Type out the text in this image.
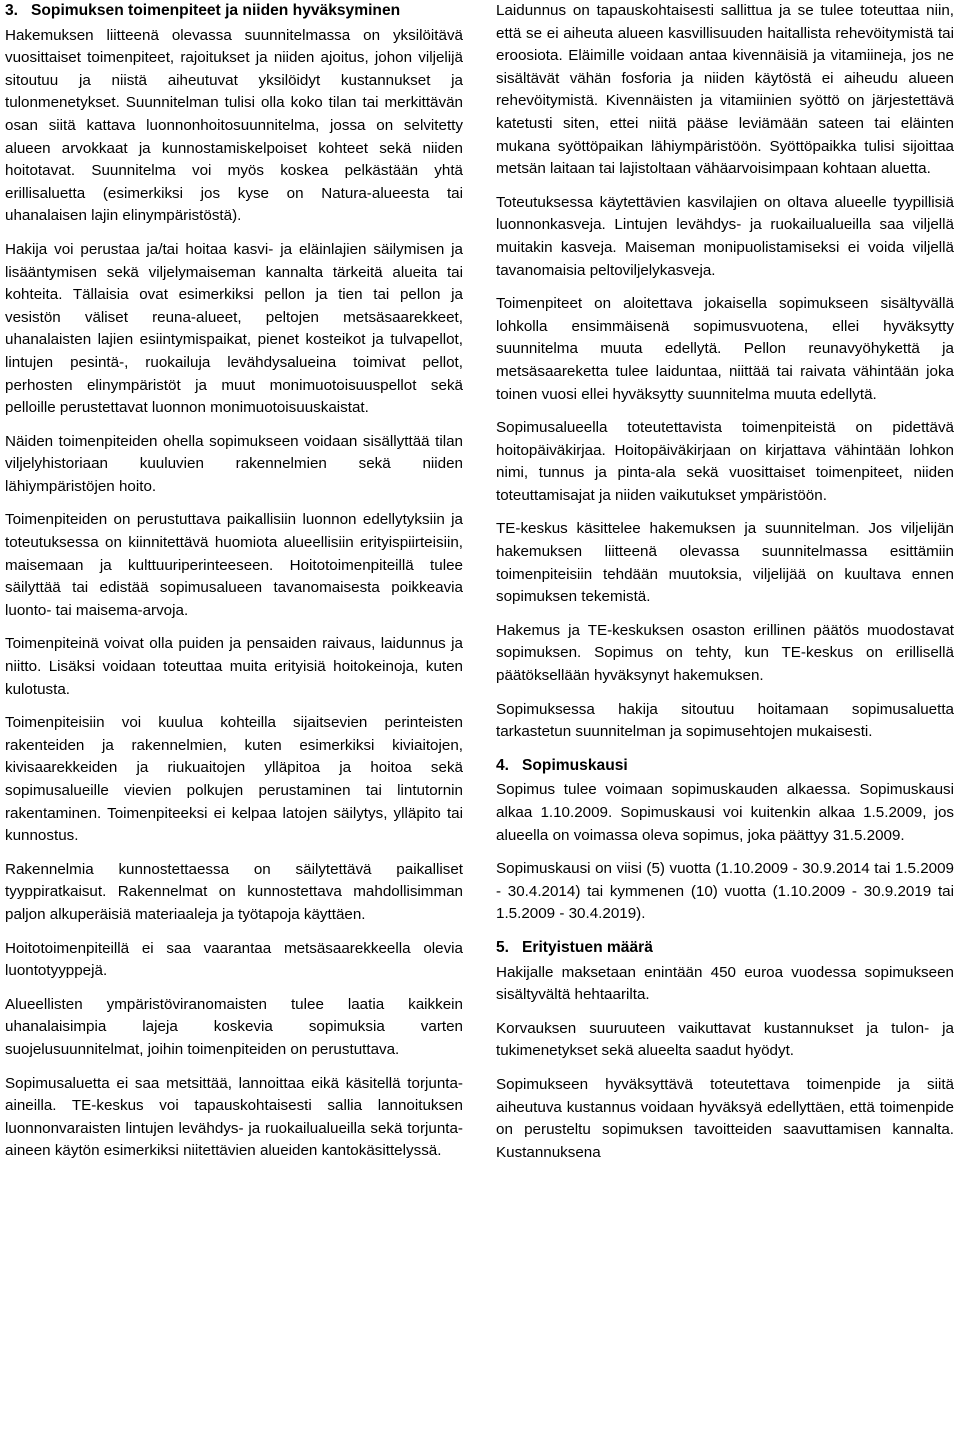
3. Sopimuksen toimenpiteet ja niiden hyväksyminen

Hakemuksen liitteenä olevassa suunnitelmassa on yksilöitävä vuosittaiset toimenpiteet, rajoitukset ja niiden ajoitus, johon viljelijä sitoutuu ja niistä aiheutuvat yksilöidyt kustannukset ja tulonmenetykset. Suunnitelman tulisi olla koko tilan tai merkittävän osan siitä kattava luonnonhoitosuunnitelma, jossa on selvitetty alueen arvokkaat ja kunnostamiskelpoiset kohteet sekä niiden hoitotavat. Suunnitelma voi myös koskea pelkästään yhtä erillisaluetta (esimerkiksi jos kyse on Natura-alueesta tai uhanalaisen lajin elinympäristöstä).

Hakija voi perustaa ja/tai hoitaa kasvi- ja eläinlajien säilymisen ja lisääntymisen sekä viljelymaiseman kannalta tärkeitä alueita tai kohteita. Tällaisia ovat esimerkiksi pellon ja tien tai pellon ja vesistön väliset reuna-alueet, peltojen metsäsaarekkeet, uhanalaisten lajien esiintymispaikat, pienet kosteikot ja tulvapellot, lintujen pesintä-, ruokailuja levähdysalueina toimivat pellot, perhosten elinympäristöt ja muut monimuotoisuuspellot sekä pelloille perustettavat luonnon monimuotoisuuskaistat.

Näiden toimenpiteiden ohella sopimukseen voidaan sisällyttää tilan viljelyhistoriaan kuuluvien rakennelmien sekä niiden lähiympäristöjen hoito.

Toimenpiteiden on perustuttava paikallisiin luonnon edellytyksiin ja toteutuksessa on kiinnitettävä huomiota alueellisiin erityispiirteisiin, maisemaan ja kulttuuriperinteeseen. Hoitotoimenpiteillä tulee säilyttää tai edistää sopimusalueen tavanomaisesta poikkeavia luonto- tai maisema-arvoja.

Toimenpiteinä voivat olla puiden ja pensaiden raivaus, laidunnus ja niitto. Lisäksi voidaan toteuttaa muita erityisiä hoitokeinoja, kuten kulotusta.

Toimenpiteisiin voi kuulua kohteilla sijaitsevien perinteisten rakenteiden ja rakennelmien, kuten esimerkiksi kiviaitojen, kivisaarekkeiden ja riukuaitojen ylläpitoa ja hoitoa sekä sopimusalueille vievien polkujen perustaminen tai lintutornin rakentaminen. Toimenpiteeksi ei kelpaa latojen säilytys, ylläpito tai kunnostus.

Rakennelmia kunnostettaessa on säilytettävä paikalliset tyyppiratkaisut. Rakennelmat on kunnostettava mahdollisimman paljon alkuperäisiä materiaaleja ja työtapoja käyttäen.

Hoitotoimenpiteillä ei saa vaarantaa metsäsaarekkeella olevia luontotyyppejä.

Alueellisten ympäristöviranomaisten tulee laatia kaikkein uhanalaisimpia lajeja koskevia sopimuksia varten suojelusuunnitelmat, joihin toimenpiteiden on perustuttava.

Sopimusaluetta ei saa metsittää, lannoittaa eikä käsitellä torjunta-aineilla. TE-keskus voi tapauskohtaisesti sallia lannoituksen luonnonvaraisten lintujen levähdys- ja ruokailualueilla sekä torjunta-aineen käytön esimerkiksi niitettävien alueiden kantokäsittelyssä.

Laidunnus on tapauskohtaisesti sallittua ja se tulee toteuttaa niin, että se ei aiheuta alueen kasvillisuuden haitallista rehevöitymistä tai eroosiota. Eläimille voidaan antaa kivennäisiä ja vitamiineja, jos ne sisältävät vähän fosforia ja niiden käytöstä ei aiheudu alueen rehevöitymistä. Kivennäisten ja vitamiinien syöttö on järjestettävä katetusti siten, ettei niitä pääse leviämään sateen tai eläinten mukana syöttöpaikan lähiympäristöön. Syöttöpaikka tulisi sijoittaa metsän laitaan tai lajistoltaan vähäarvoisimpaan kohtaan aluetta.

Toteutuksessa käytettävien kasvilajien on oltava alueelle tyypillisiä luonnonkasveja. Lintujen levähdys- ja ruokailualueilla saa viljellä muitakin kasveja. Maiseman monipuolistamiseksi ei voida viljellä tavanomaisia peltoviljelykasveja.

Toimenpiteet on aloitettava jokaisella sopimukseen sisältyvällä lohkolla ensimmäisenä sopimusvuotena, ellei hyväksytty suunnitelma muuta edellytä. Pellon reunavyöhykettä ja metsäsaareketta tulee laiduntaa, niittää tai raivata vähintään joka toinen vuosi ellei hyväksytty suunnitelma muuta edellytä.

Sopimusalueella toteutettavista toimenpiteistä on pidettävä hoitopäiväkirjaa. Hoitopäiväkirjaan on kirjattava vähintään lohkon nimi, tunnus ja pinta-ala sekä vuosittaiset toimenpiteet, niiden toteuttamisajat ja niiden vaikutukset ympäristöön.

TE-keskus käsittelee hakemuksen ja suunnitelman. Jos viljelijän hakemuksen liitteenä olevassa suunnitelmassa esittämiin toimenpiteisiin tehdään muutoksia, viljelijää on kuultava ennen sopimuksen tekemistä.

Hakemus ja TE-keskuksen osaston erillinen päätös muodostavat sopimuksen. Sopimus on tehty, kun TE-keskus on erillisellä päätöksellään hyväksynyt hakemuksen.

Sopimuksessa hakija sitoutuu hoitamaan sopimusaluetta tarkastetun suunnitelman ja sopimusehtojen mukaisesti.

4. Sopimuskausi

Sopimus tulee voimaan sopimuskauden alkaessa. Sopimuskausi alkaa 1.10.2009. Sopimuskausi voi kuitenkin alkaa 1.5.2009, jos alueella on voimassa oleva sopimus, joka päättyy 31.5.2009.

Sopimuskausi on viisi (5) vuotta (1.10.2009 - 30.9.2014 tai 1.5.2009 - 30.4.2014) tai kymmenen (10) vuotta (1.10.2009 - 30.9.2019 tai 1.5.2009 - 30.4.2019).

5. Erityistuen määrä

Hakijalle maksetaan enintään 450 euroa vuodessa sopimukseen sisältyvältä hehtaarilta.

Korvauksen suuruuteen vaikuttavat kustannukset ja tulon- ja tukimenetykset sekä alueelta saadut hyödyt.

Sopimukseen hyväksyttävä toteutettava toimenpide ja siitä aiheutuva kustannus voidaan hyväksyä edellyttäen, että toimenpide on perusteltu sopimuksen tavoitteiden saavuttamisen kannalta. Kustannuksena
